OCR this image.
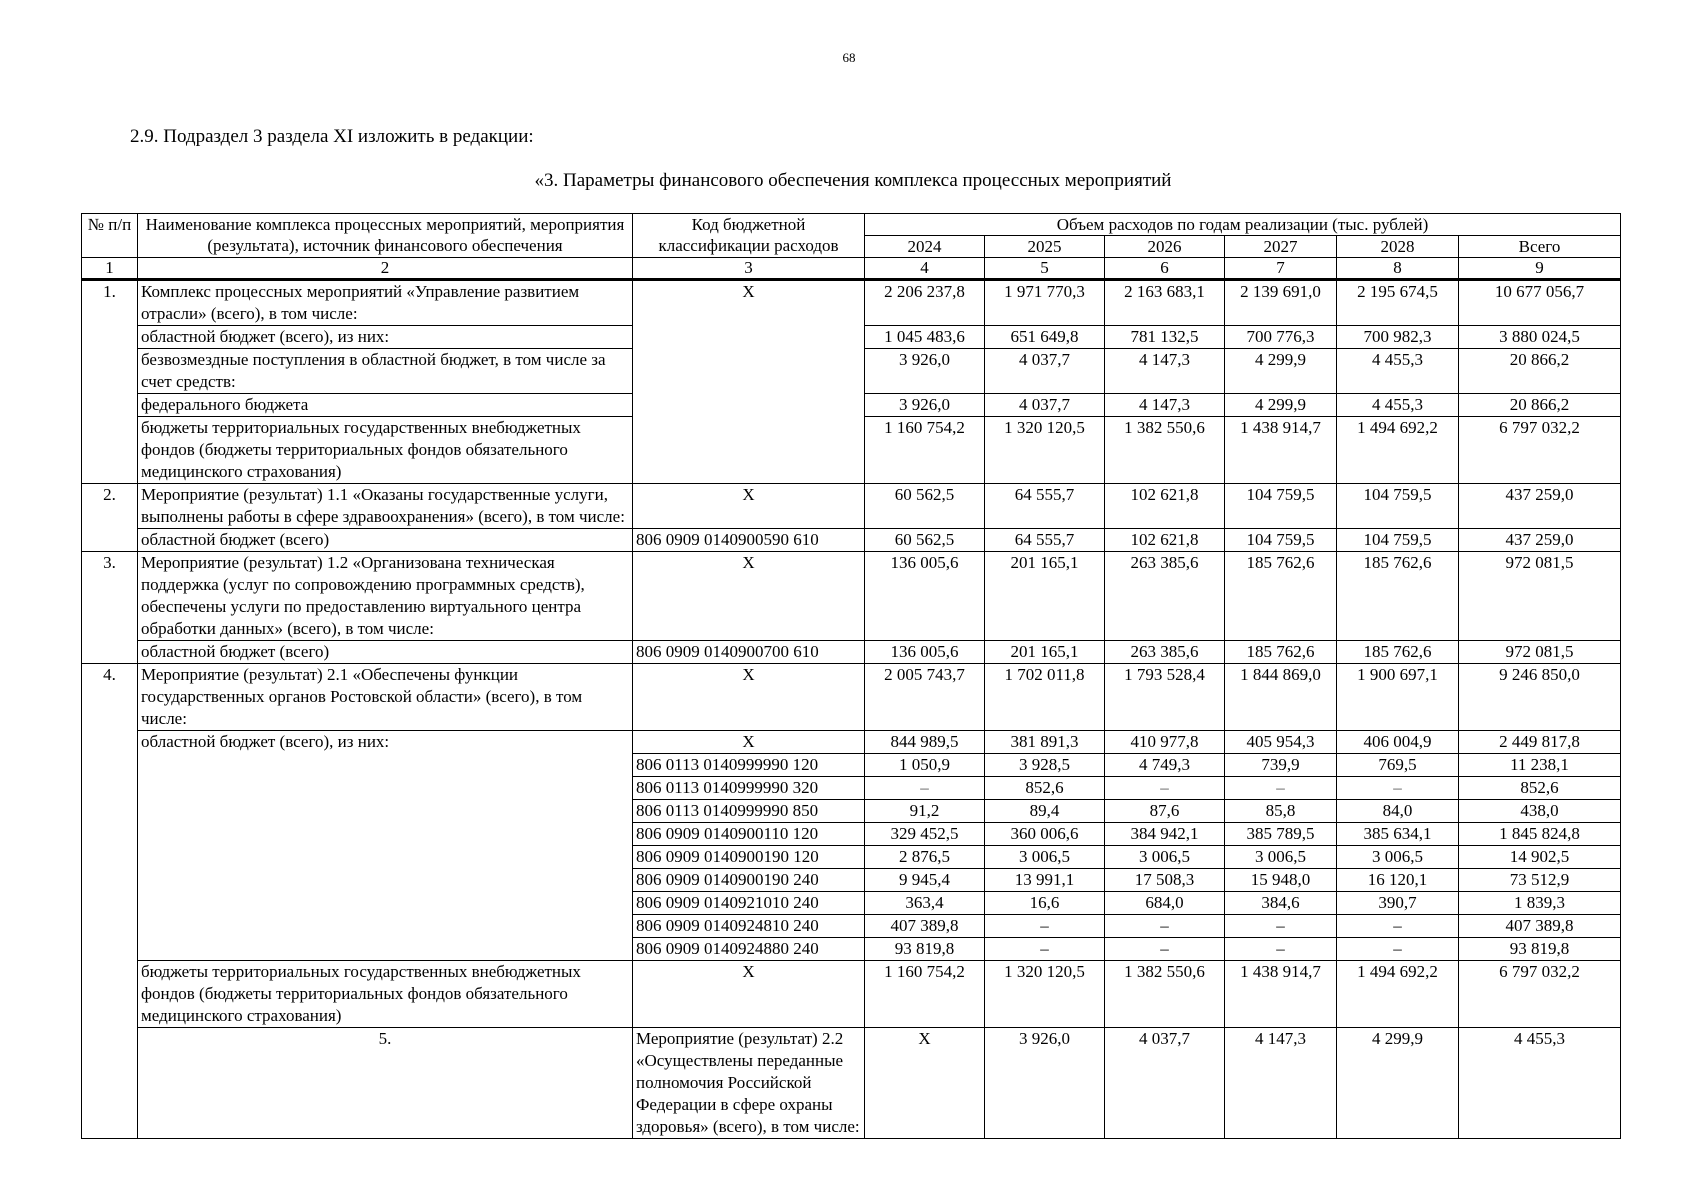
68
2.9. Подраздел 3 раздела XI изложить в редакции:
«3. Параметры финансового обеспечения комплекса процессных мероприятий
№ п/п	Наименование комплекса процессных мероприятий, мероприятия (результата), источник финансового обеспечения	Код бюджетной классификации расходов	Объем расходов по годам реализации (тыс. рублей)						
			2024	2025	2026	2027	2028	Всего	
1	2	3	4	5	6	7	8	9	
1.	Комплекс процессных мероприятий «Управление развитием отрасли» (всего), в том числе:	X	2 206 237,8	1 971 770,3	2 163 683,1	2 139 691,0	2 195 674,5	10 677 056,7	
	областной бюджет (всего), из них:		1 045 483,6	651 649,8	781 132,5	700 776,3	700 982,3	3 880 024,5	
	безвозмездные поступления в областной бюджет, в том числе за счет средств:		3 926,0	4 037,7	4 147,3	4 299,9	4 455,3	20 866,2	
	федерального бюджета		3 926,0	4 037,7	4 147,3	4 299,9	4 455,3	20 866,2	
	бюджеты территориальных государственных внебюджетных фондов (бюджеты территориальных фондов обязательного медицинского страхования)		1 160 754,2	1 320 120,5	1 382 550,6	1 438 914,7	1 494 692,2	6 797 032,2	
2.	Мероприятие (результат) 1.1 «Оказаны государственные услуги, выполнены работы в сфере здравоохранения» (всего), в том числе:	X	60 562,5	64 555,7	102 621,8	104 759,5	104 759,5	437 259,0	
	областной бюджет (всего)	806 0909 0140900590 610	60 562,5	64 555,7	102 621,8	104 759,5	104 759,5	437 259,0	
3.	Мероприятие (результат) 1.2 «Организована техническая поддержка (услуг по сопровождению программных средств), обеспечены услуги по предоставлению виртуального центра обработки данных» (всего), в том числе:	X	136 005,6	201 165,1	263 385,6	185 762,6	185 762,6	972 081,5	
	областной бюджет (всего)	806 0909 0140900700 610	136 005,6	201 165,1	263 385,6	185 762,6	185 762,6	972 081,5	
4.	Мероприятие (результат) 2.1 «Обеспечены функции государственных органов Ростовской области» (всего), в том числе:	X	2 005 743,7	1 702 011,8	1 793 528,4	1 844 869,0	1 900 697,1	9 246 850,0	
	областной бюджет (всего), из них:	X	844 989,5	381 891,3	410 977,8	405 954,3	406 004,9	2 449 817,8	
		806 0113 0140999990 120	1 050,9	3 928,5	4 749,3	739,9	769,5	11 238,1	
		806 0113 0140999990 320	–	852,6	–	–	–	852,6	
		806 0113 0140999990 850	91,2	89,4	87,6	85,8	84,0	438,0	
		806 0909 0140900110 120	329 452,5	360 006,6	384 942,1	385 789,5	385 634,1	1 845 824,8	
		806 0909 0140900190 120	2 876,5	3 006,5	3 006,5	3 006,5	3 006,5	14 902,5	
		806 0909 0140900190 240	9 945,4	13 991,1	17 508,3	15 948,0	16 120,1	73 512,9	
		806 0909 0140921010 240	363,4	16,6	684,0	384,6	390,7	1 839,3	
		806 0909 0140924810 240	407 389,8	–	–	–	–	407 389,8	
		806 0909 0140924880 240	93 819,8	–	–	–	–	93 819,8	
	бюджеты территориальных государственных внебюджетных фондов (бюджеты территориальных фондов обязательного медицинского страхования)	X	1 160 754,2	1 320 120,5	1 382 550,6	1 438 914,7	1 494 692,2	6 797 032,2	
	5.	Мероприятие (результат) 2.2 «Осуществлены переданные полномочия Российской Федерации в сфере охраны здоровья» (всего), в том числе:	X	3 926,0	4 037,7	4 147,3	4 299,9	4 455,3	
